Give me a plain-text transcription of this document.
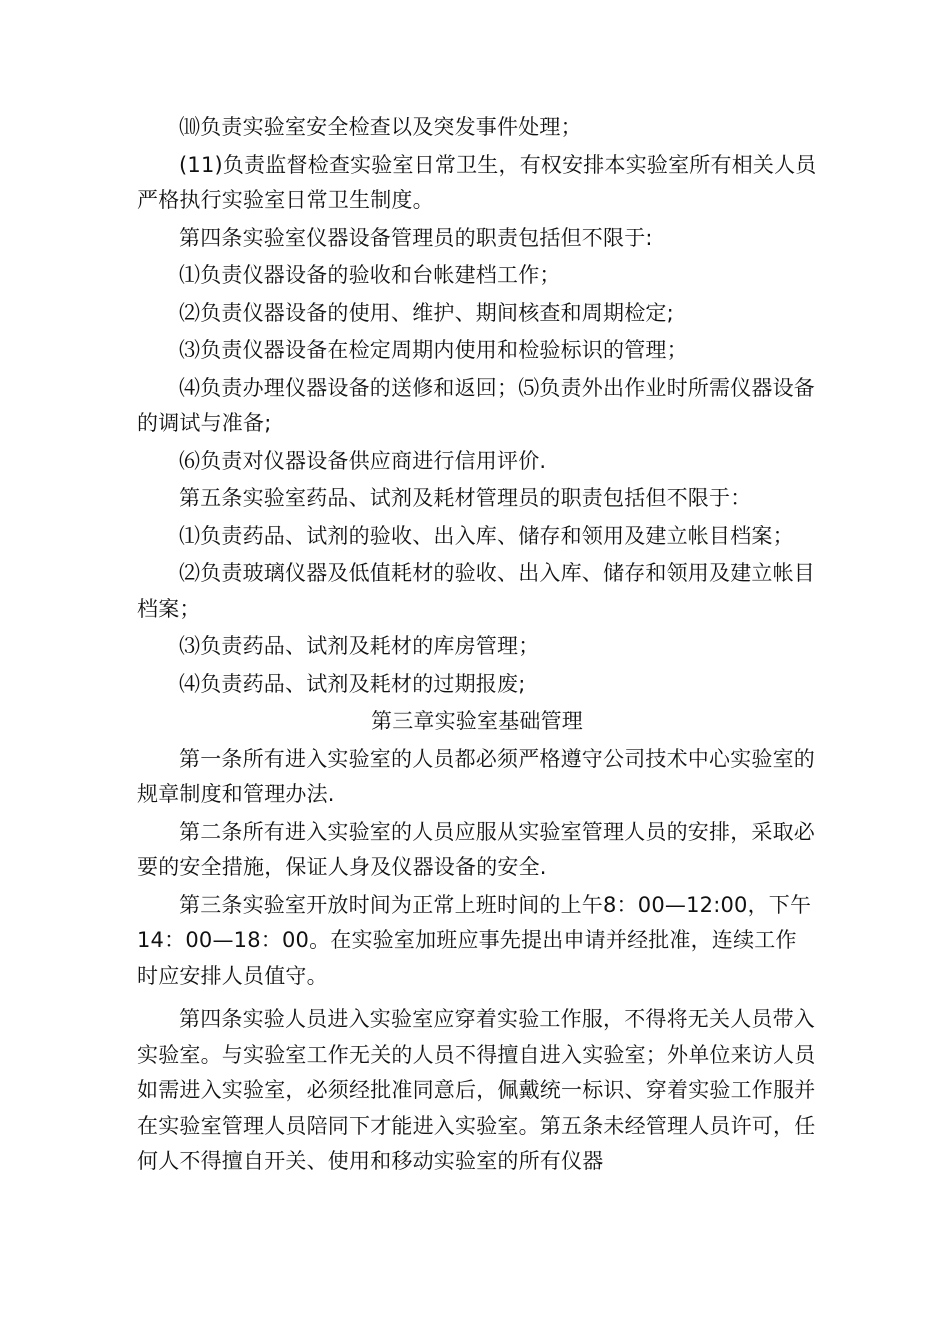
⑽负责实验室安全检查以及突发事件处理；

(11)负责监督检查实验室日常卫生，有权安排本实验室所有相关人员严格执行实验室日常卫生制度。

第四条实验室仪器设备管理员的职责包括但不限于:

⑴负责仪器设备的验收和台帐建档工作；

⑵负责仪器设备的使用、维护、期间核查和周期检定;

⑶负责仪器设备在检定周期内使用和检验标识的管理；

⑷负责办理仪器设备的送修和返回；⑸负责外出作业时所需仪器设备的调试与准备;

⑹负责对仪器设备供应商进行信用评价.

第五条实验室药品、试剂及耗材管理员的职责包括但不限于：

⑴负责药品、试剂的验收、出入库、储存和领用及建立帐目档案；

⑵负责玻璃仪器及低值耗材的验收、出入库、储存和领用及建立帐目档案；

⑶负责药品、试剂及耗材的库房管理；

⑷负责药品、试剂及耗材的过期报废;

第三章实验室基础管理

第一条所有进入实验室的人员都必须严格遵守公司技术中心实验室的规章制度和管理办法.

第二条所有进入实验室的人员应服从实验室管理人员的安排，采取必要的安全措施，保证人身及仪器设备的安全.

第三条实验室开放时间为正常上班时间的上午8：00—12:00，下午14：00—18：00。在实验室加班应事先提出申请并经批准，连续工作时应安排人员值守。

第四条实验人员进入实验室应穿着实验工作服，不得将无关人员带入实验室。与实验室工作无关的人员不得擅自进入实验室；外单位来访人员如需进入实验室，必须经批准同意后，佩戴统一标识、穿着实验工作服并在实验室管理人员陪同下才能进入实验室。第五条未经管理人员许可，任何人不得擅自开关、使用和移动实验室的所有仪器
